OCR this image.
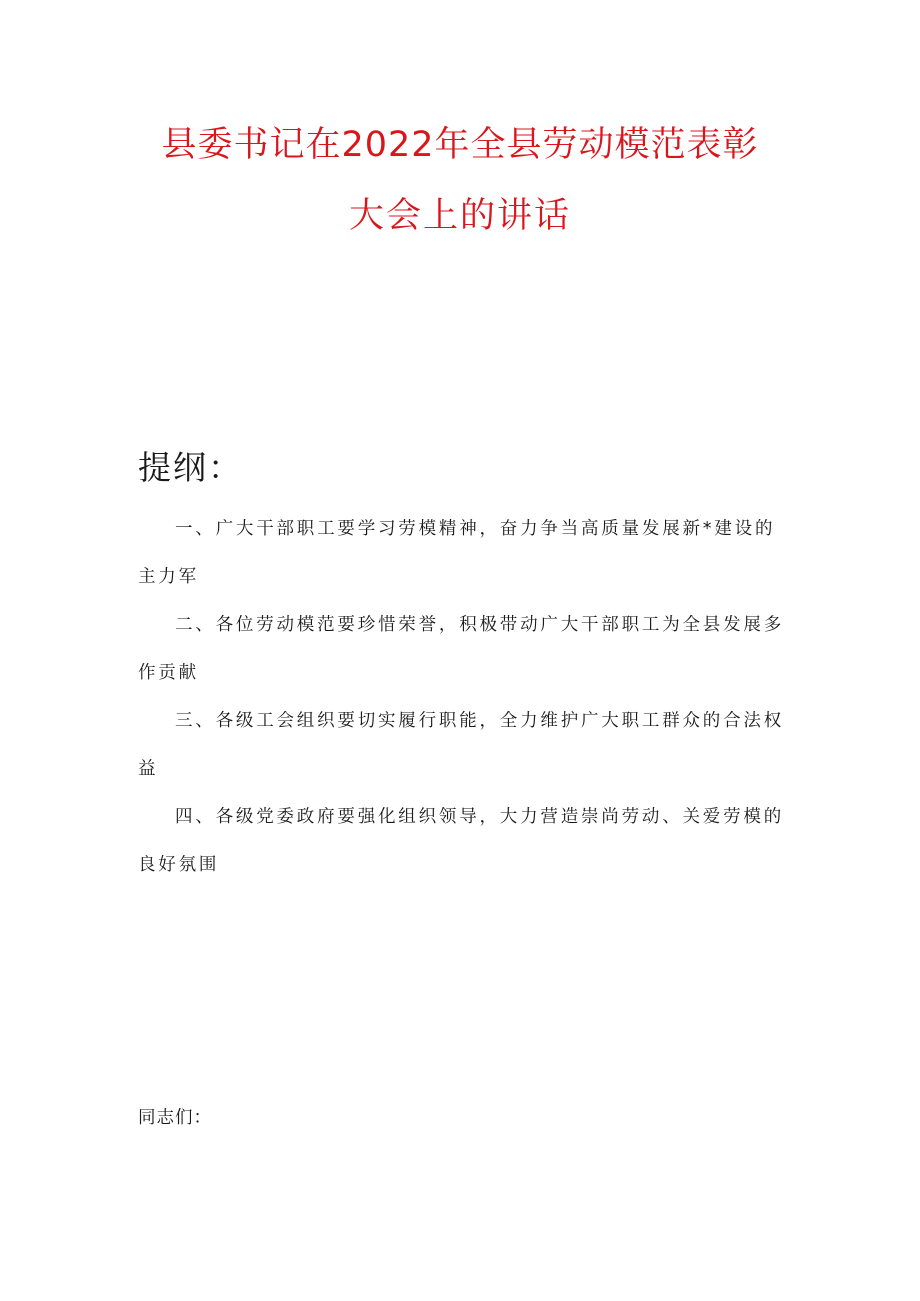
县委书记在2022年全县劳动模范表彰
大会上的讲话
提纲：
一、广大干部职工要学习劳模精神，奋力争当高质量发展新*建设的主力军
二、各位劳动模范要珍惜荣誉，积极带动广大干部职工为全县发展多作贡献
三、各级工会组织要切实履行职能，全力维护广大职工群众的合法权益
四、各级党委政府要强化组织领导，大力营造崇尚劳动、关爱劳模的良好氛围
同志们：
